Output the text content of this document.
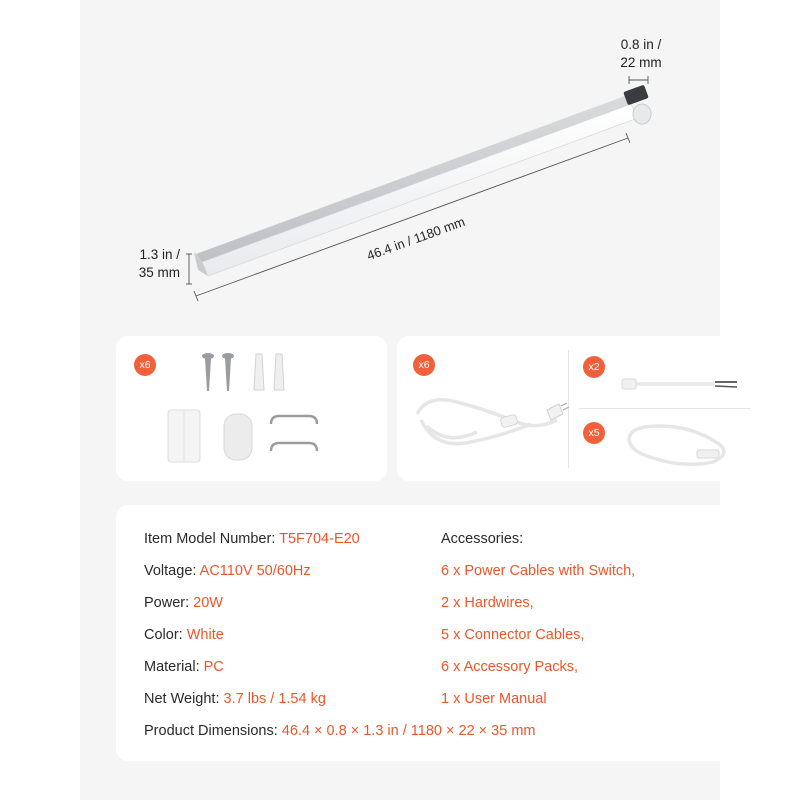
0.8 in /
22 mm
1.3 in /
35 mm
46.4 in / 1180 mm
x6	x6	x2
x5
Item Model Number: T5F704-E20
Voltage: AC110V 50/60Hz
Power: 20W
Color: White
Material: PC
Net Weight: 3.7 lbs / 1.54 kg
Product Dimensions: 46.4 × 0.8 × 1.3 in / 1180 × 22 × 35 mm
Accessories:
6 x Power Cables with Switch,
2 x Hardwires,
5 x Connector Cables,
6 x Accessory Packs,
1 x User Manual
